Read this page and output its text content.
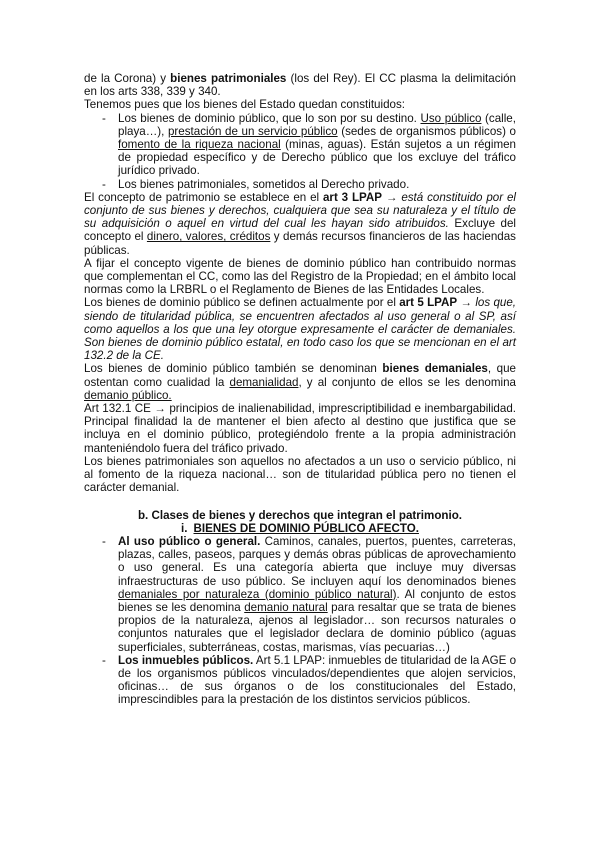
de la Corona) y bienes patrimoniales (los del Rey). El CC plasma la delimitación en los arts 338, 339 y 340.

Tenemos pues que los bienes del Estado quedan constituidos:

- Los bienes de dominio público, que lo son por su destino. Uso público (calle, playa…), prestación de un servicio público (sedes de organismos públicos) o fomento de la riqueza nacional (minas, aguas). Están sujetos a un régimen de propiedad específico y de Derecho público que los excluye del tráfico jurídico privado.
- Los bienes patrimoniales, sometidos al Derecho privado.

El concepto de patrimonio se establece en el art 3 LPAP → está constituido por el conjunto de sus bienes y derechos, cualquiera que sea su naturaleza y el título de su adquisición o aquel en virtud del cual les hayan sido atribuidos. Excluye del concepto el dinero, valores, créditos y demás recursos financieros de las haciendas públicas.

A fijar el concepto vigente de bienes de dominio público han contribuido normas que complementan el CC, como las del Registro de la Propiedad; en el ámbito local normas como la LRBRL o el Reglamento de Bienes de las Entidades Locales.

Los bienes de dominio público se definen actualmente por el art 5 LPAP → los que, siendo de titularidad pública, se encuentren afectados al uso general o al SP, así como aquellos a los que una ley otorgue expresamente el carácter de demaniales. Son bienes de dominio público estatal, en todo caso los que se mencionan en el art 132.2 de la CE.

Los bienes de dominio público también se denominan bienes demaniales, que ostentan como cualidad la demanialidad, y al conjunto de ellos se les denomina demanio público.

Art 132.1 CE → principios de inalienabilidad, imprescriptibilidad e inembargabilidad. Principal finalidad la de mantener el bien afecto al destino que justifica que se incluya en el dominio público, protegiéndolo frente a la propia administración manteniéndolo fuera del tráfico privado.

Los bienes patrimoniales son aquellos no afectados a un uso o servicio público, ni al fomento de la riqueza nacional… son de titularidad pública pero no tienen el carácter demanial.

b. Clases de bienes y derechos que integran el patrimonio.

i. BIENES DE DOMINIO PÚBLICO AFECTO.

- Al uso público o general. Caminos, canales, puertos, puentes, carreteras, plazas, calles, paseos, parques y demás obras públicas de aprovechamiento o uso general. Es una categoría abierta que incluye muy diversas infraestructuras de uso público. Se incluyen aquí los denominados bienes demaniales por naturaleza (dominio público natural). Al conjunto de estos bienes se les denomina demanio natural para resaltar que se trata de bienes propios de la naturaleza, ajenos al legislador… son recursos naturales o conjuntos naturales que el legislador declara de dominio público (aguas superficiales, subterráneas, costas, marismas, vías pecuarias…)
- Los inmuebles públicos. Art 5.1 LPAP: inmuebles de titularidad de la AGE o de los organismos públicos vinculados/dependientes que alojen servicios, oficinas… de sus órganos o de los constitucionales del Estado, imprescindibles para la prestación de los distintos servicios públicos.
